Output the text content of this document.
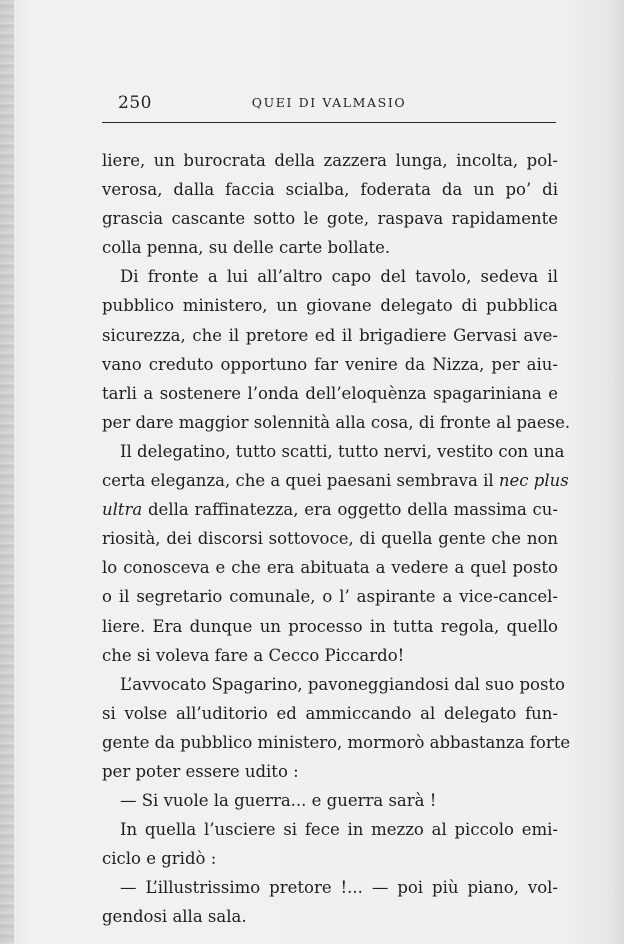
250	QUEI DI VALMASIO
liere, un burocrata della zazzera lunga, incolta, pol-
verosa, dalla faccia scialba, foderata da un po’ di
grascia cascante sotto le gote, raspava rapidamente
colla penna, su delle carte bollate.
Di fronte a lui all’altro capo del tavolo, sedeva il
pubblico ministero, un giovane delegato di pubblica
sicurezza, che il pretore ed il brigadiere Gervasi ave-
vano creduto opportuno far venire da Nizza, per aiu-
tarli a sostenere l’onda dell’eloquènza spagariniana e
per dare maggior solennità alla cosa, di fronte al paese.
Il delegatino, tutto scatti, tutto nervi, vestito con una
certa eleganza, che a quei paesani sembrava il nec plus
ultra della raffinatezza, era oggetto della massima cu-
riosità, dei discorsi sottovoce, di quella gente che non
lo conosceva e che era abituata a vedere a quel posto
o il segretario comunale, o l’ aspirante a vice-cancel-
liere. Era dunque un processo in tutta regola, quello
che si voleva fare a Cecco Piccardo!
L’avvocato Spagarino, pavoneggiandosi dal suo posto
si volse all’uditorio ed ammiccando al delegato fun-
gente da pubblico ministero, mormorò abbastanza forte
per poter essere udito :
— Si vuole la guerra... e guerra sarà !
In quella l’usciere si fece in mezzo al piccolo emi-
ciclo e gridò :
— L’illustrissimo pretore !... — poi più piano, vol-
gendosi alla sala.
